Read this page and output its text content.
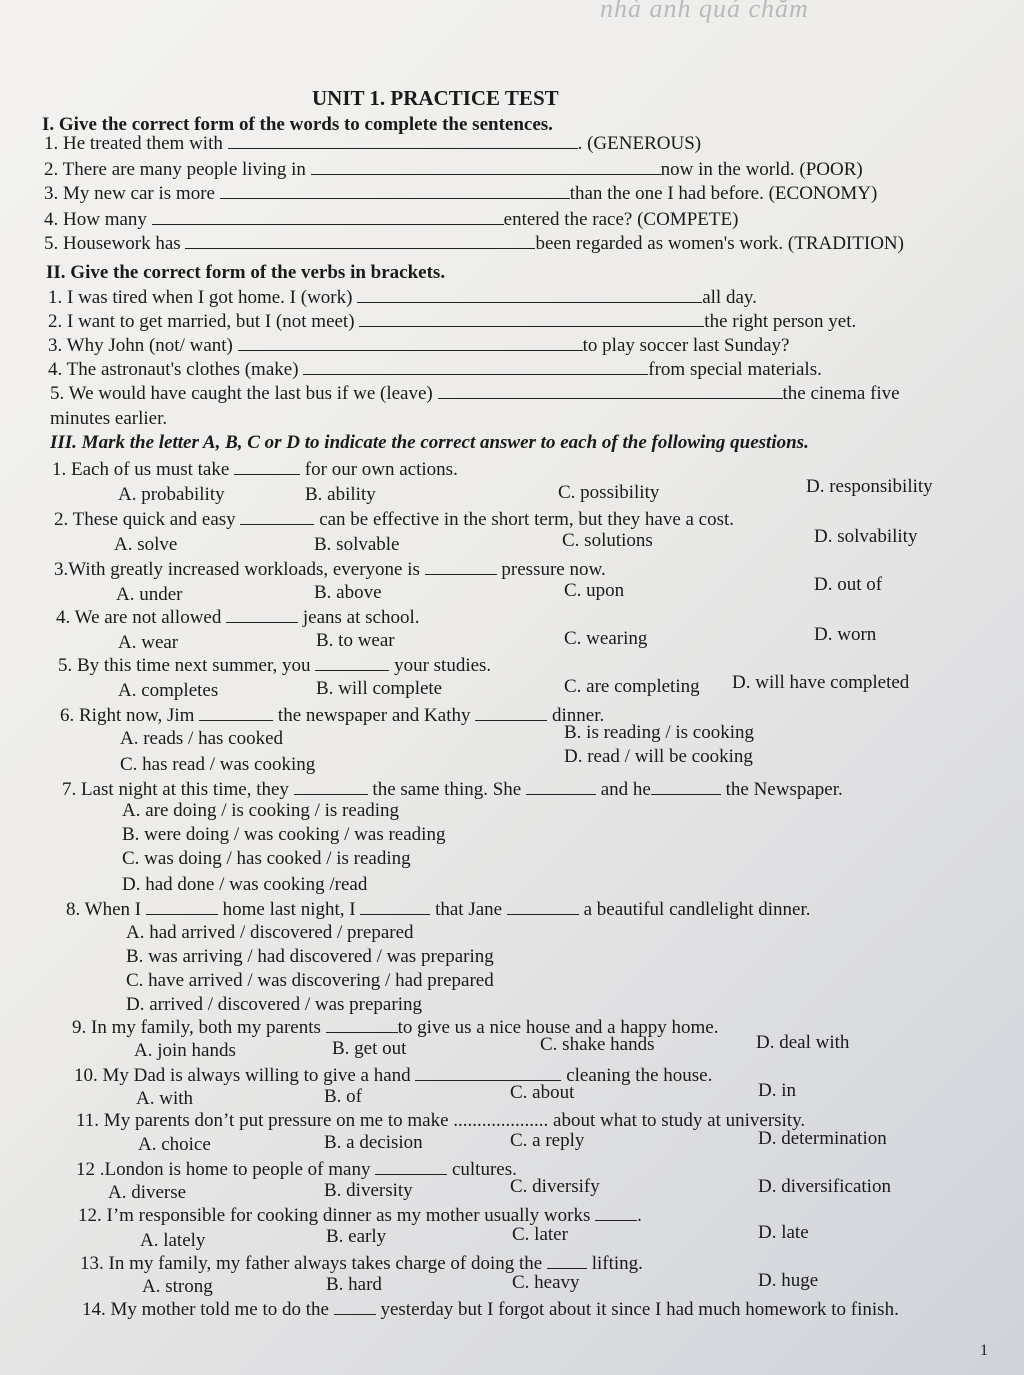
nhà anh quá chăm
UNIT 1. PRACTICE TEST
I. Give the correct form of the words to complete the sentences.
1. He treated them with	. (GENEROUS)
2. There are many people living in	now in the world. (POOR)
3. My new car is more	than the one I had before. (ECONOMY)
4. How many	entered the race? (COMPETE)
5. Housework has	been regarded as women's work. (TRADITION)
II. Give the correct form of the verbs in brackets.
1. I was tired when I got home. I (work)	all day.
2. I want to get married, but I (not meet)	the right person yet.
3. Why John (not/ want)	to play soccer last Sunday?
4. The astronaut's clothes (make)	from special materials.
5. We would have caught the last bus if we (leave)	the cinema five
minutes earlier.
III. Mark the letter A, B, C or D to indicate the correct answer to each of the following questions.
1. Each of us must take	for our own actions.
A. probability	B. ability	C. possibility	D. responsibility
2. These quick and easy	can be effective in the short term, but they have a cost.
A. solve	B. solvable	C. solutions	D. solvability
3.With greatly increased workloads, everyone is	pressure now.
A. under	B. above	C. upon	D. out of
4. We are not allowed	jeans at school.
A. wear	B. to wear	C. wearing	D. worn
5. By this time next summer, you	your studies.
A. completes	B. will complete	C. are completing D. will have completed
6. Right now, Jim	the newspaper and Kathy	dinner.
A. reads / has cooked	B. is reading / is cooking
C. has read / was cooking	D. read / will be cooking
7. Last night at this time, they	the same thing. She	and he	the Newspaper.
A. are doing / is cooking / is reading
B. were doing / was cooking / was reading
C. was doing / has cooked / is reading
D. had done / was cooking /read
8. When I	home last night, I	that Jane	a beautiful candlelight dinner.
A. had arrived / discovered / prepared
B. was arriving / had discovered / was preparing
C. have arrived / was discovering / had prepared
D. arrived / discovered / was preparing
9. In my family, both my parents	to give us a nice house and a happy home.
A. join hands	B. get out	C. shake hands	D. deal with
10. My Dad is always willing to give a hand	cleaning the house.
A. with	B. of	C. about	D. in
11. My parents don’t put pressure on me to make .................... about what to study at university.
A. choice	B. a decision	C. a reply	D. determination
12 .London is home to people of many	cultures.
A. diverse	B. diversity	C. diversify	D. diversification
12. I’m responsible for cooking dinner as my mother usually works .
A. lately	B. early	C. later	D. late
13. In my family, my father always takes charge of doing the	lifting.
A. strong	B. hard	C. heavy	D. huge
14. My mother told me to do the	yesterday but I forgot about it since I had much homework to finish.
1
